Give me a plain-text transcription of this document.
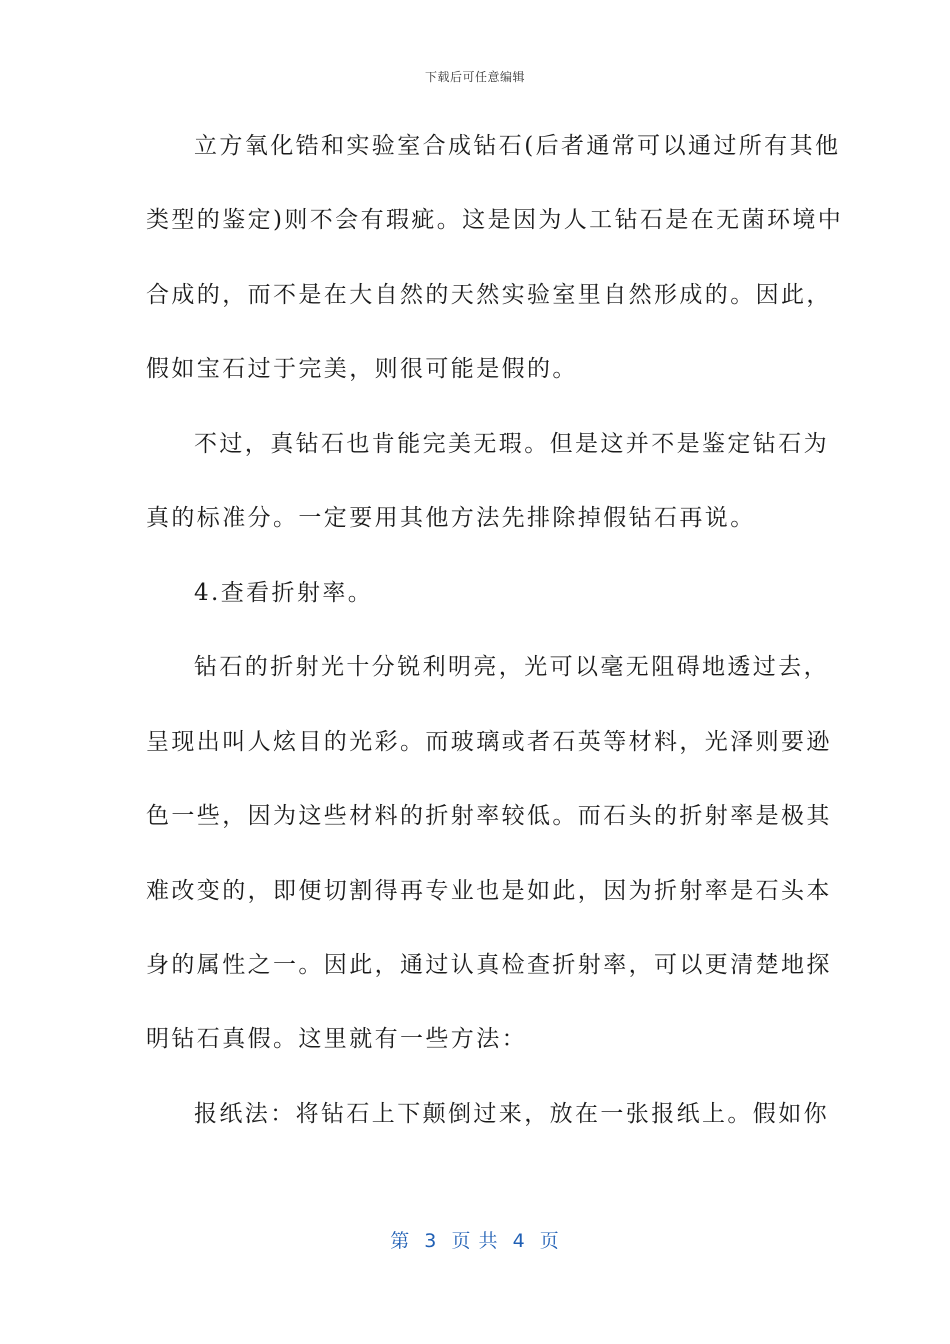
下载后可任意编辑
立方氧化锆和实验室合成钻石(后者通常可以通过所有其他
类型的鉴定)则不会有瑕疵。这是因为人工钻石是在无菌环境中
合成的，而不是在大自然的天然实验室里自然形成的。因此，
假如宝石过于完美，则很可能是假的。
不过，真钻石也肯能完美无瑕。但是这并不是鉴定钻石为
真的标准分。一定要用其他方法先排除掉假钻石再说。
4.查看折射率。
钻石的折射光十分锐利明亮，光可以毫无阻碍地透过去，
呈现出叫人炫目的光彩。而玻璃或者石英等材料，光泽则要逊
色一些，因为这些材料的折射率较低。而石头的折射率是极其
难改变的，即便切割得再专业也是如此，因为折射率是石头本
身的属性之一。因此，通过认真检查折射率，可以更清楚地探
明钻石真假。这里就有一些方法：
报纸法：将钻石上下颠倒过来，放在一张报纸上。假如你
第  3  页 共  4  页
